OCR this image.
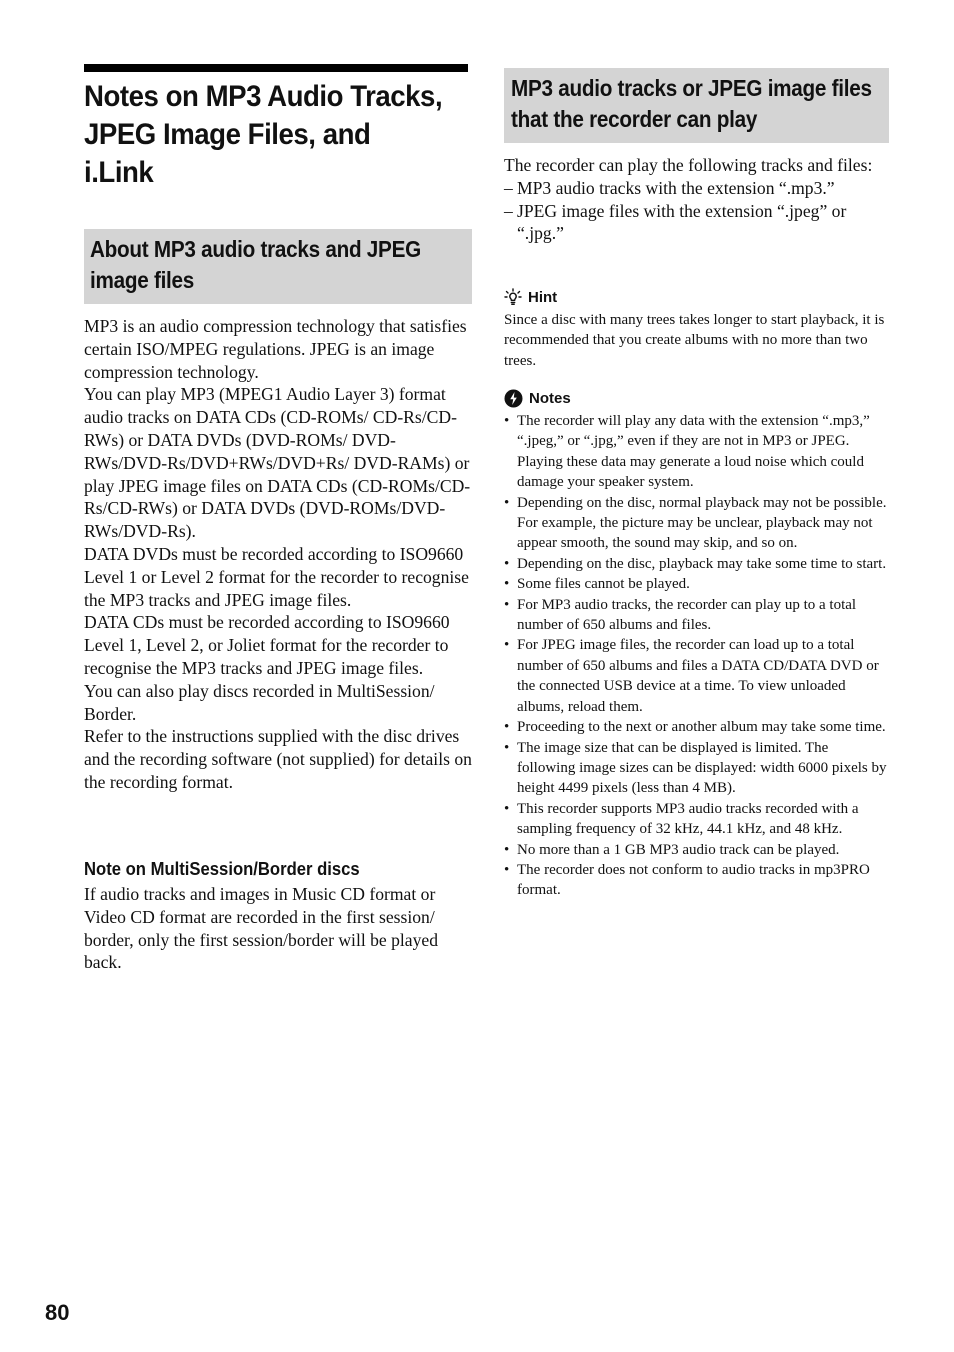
Notes on MP3 Audio Tracks, JPEG Image Files, and i.Link
About MP3 audio tracks and JPEG image files

MP3 is an audio compression technology that satisfies certain ISO/MPEG regulations. JPEG is an image compression technology.

You can play MP3 (MPEG1 Audio Layer 3) format audio tracks on DATA CDs (CD-ROMs/ CD-Rs/CD-RWs) or DATA DVDs (DVD-ROMs/ DVD-RWs/DVD-Rs/DVD+RWs/DVD+Rs/ DVD-RAMs) or play JPEG image files on DATA CDs (CD-ROMs/CD-Rs/CD-RWs) or DATA DVDs (DVD-ROMs/DVD-RWs/DVD-Rs).

DATA DVDs must be recorded according to ISO9660 Level 1 or Level 2 format for the recorder to recognise the MP3 tracks and JPEG image files.

DATA CDs must be recorded according to ISO9660 Level 1, Level 2, or Joliet format for the recorder to recognise the MP3 tracks and JPEG image files.

You can also play discs recorded in MultiSession/ Border.

Refer to the instructions supplied with the disc drives and the recording software (not supplied) for details on the recording format.

Note on MultiSession/Border discs

If audio tracks and images in Music CD format or Video CD format are recorded in the first session/ border, only the first session/border will be played back.

MP3 audio tracks or JPEG image files that the recorder can play

The recorder can play the following tracks and files:

– MP3 audio tracks with the extension “.mp3.”
– JPEG image files with the extension “.jpeg” or “.jpg.”
Hint

Since a disc with many trees takes longer to start playback, it is recommended that you create albums with no more than two trees.

Notes
• The recorder will play any data with the extension “.mp3,” “.jpeg,” or “.jpg,” even if they are not in MP3 or JPEG. Playing these data may generate a loud noise which could damage your speaker system.
• Depending on the disc, normal playback may not be possible. For example, the picture may be unclear, playback may not appear smooth, the sound may skip, and so on.
• Depending on the disc, playback may take some time to start.
• Some files cannot be played.
• For MP3 audio tracks, the recorder can play up to a total number of 650 albums and files.
• For JPEG image files, the recorder can load up to a total number of 650 albums and files a DATA CD/DATA DVD or the connected USB device at a time. To view unloaded albums, reload them.
• Proceeding to the next or another album may take some time.
• The image size that can be displayed is limited. The following image sizes can be displayed: width 6000 pixels by height 4499 pixels (less than 4 MB).
• This recorder supports MP3 audio tracks recorded with a sampling frequency of 32 kHz, 44.1 kHz, and 48 kHz.
• No more than a 1 GB MP3 audio track can be played.
• The recorder does not conform to audio tracks in mp3PRO format.

80
